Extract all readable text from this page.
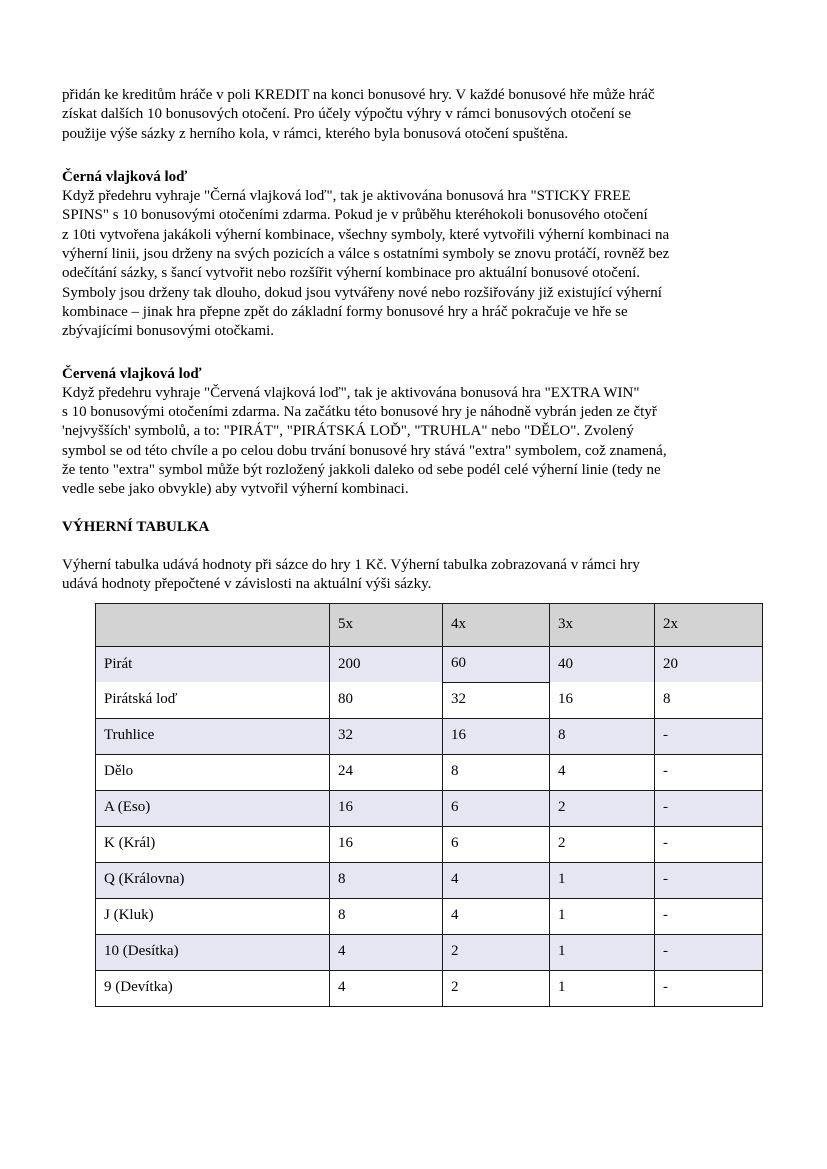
přidán ke kreditům hráče v poli KREDIT na konci bonusové hry. V každé bonusové hře může hráč
získat dalších 10 bonusových otočení. Pro účely výpočtu výhry v rámci bonusových otočení se
použije výše sázky z herního kola, v rámci, kterého byla bonusová otočení spuštěna.
Černá vlajková loď
Když předehru vyhraje "Černá vlajková loď", tak je aktivována bonusová hra "STICKY FREE
SPINS" s 10 bonusovými otočeními zdarma. Pokud je v průběhu kteréhokoli bonusového otočení
z 10ti vytvořena jakákoli výherní kombinace, všechny symboly, které vytvořili výherní kombinaci na
výherní linii, jsou drženy na svých pozicích a válce s ostatními symboly se znovu protáčí, rovněž bez
odečítání sázky, s šancí vytvořit nebo rozšířit výherní kombinace pro aktuální bonusové otočení.
Symboly jsou drženy tak dlouho, dokud jsou vytvářeny nové nebo rozšiřovány již existující výherní
kombinace – jinak hra přepne zpět do základní formy bonusové hry a hráč pokračuje ve hře se
zbývajícími bonusovými otočkami.
Červená vlajková loď
Když předehru vyhraje "Červená vlajková loď", tak je aktivována bonusová hra "EXTRA WIN"
s 10 bonusovými otočeními zdarma. Na začátku této bonusové hry je náhodně vybrán jeden ze čtyř
'nejvyšších' symbolů, a to: "PIRÁT", "PIRÁTSKÁ LOĎ", "TRUHLA" nebo "DĚLO". Zvolený
symbol se od této chvíle a po celou dobu trvání bonusové hry stává "extra" symbolem, což znamená,
že tento "extra" symbol může být rozložený jakkoli daleko od sebe podél celé výherní linie (tedy ne
vedle sebe jako obvykle) aby vytvořil výherní kombinaci.
VÝHERNÍ TABULKA
Výherní tabulka udává hodnoty při sázce do hry 1 Kč. Výherní tabulka zobrazovaná v rámci hry
udává hodnoty přepočtené v závislosti na aktuální výši sázky.
	5x	4x	3x	2x
Pirát	200	60	40	20
Pirátská loď	80	32	16	8
Truhlice	32	16	8	-
Dělo	24	8	4	-
A (Eso)	16	6	2	-
K (Král)	16	6	2	-
Q (Královna)	8	4	1	-
J (Kluk)	8	4	1	-
10 (Desítka)	4	2	1	-
9 (Devítka)	4	2	1	-
